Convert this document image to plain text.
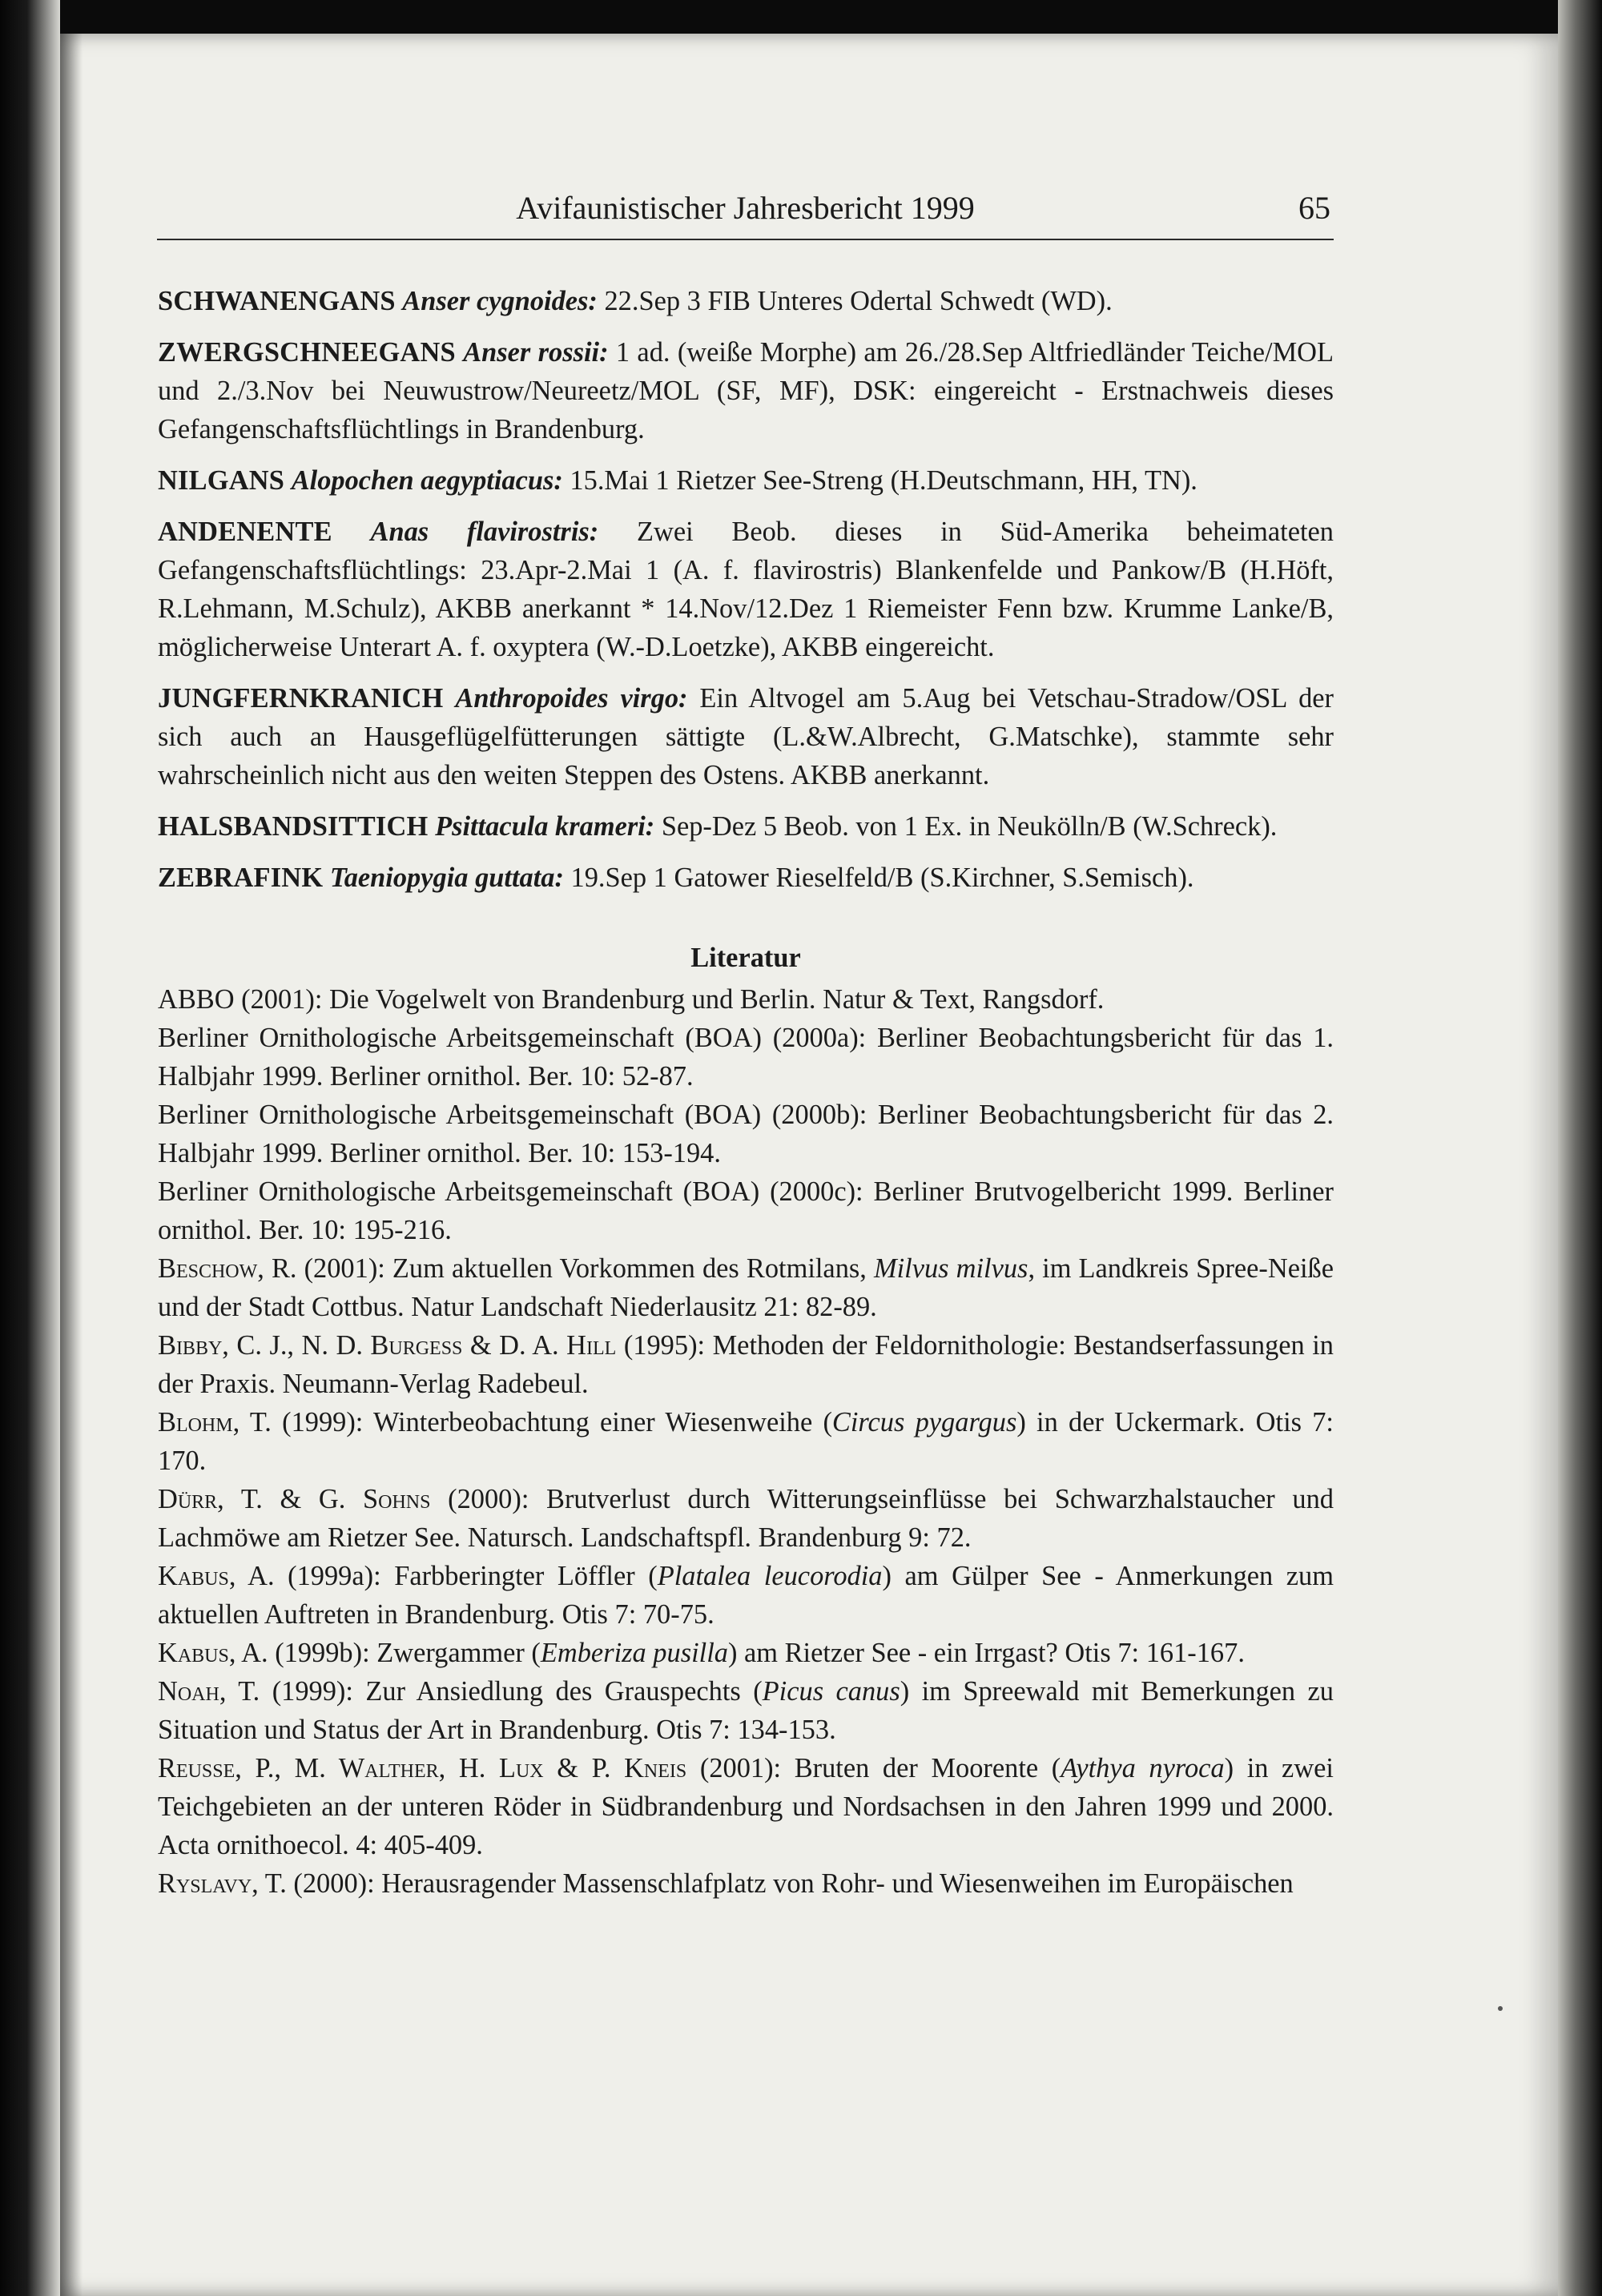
Avifaunistischer Jahresbericht 1999	65

SCHWANENGANS Anser cygnoides: 22.Sep 3 FIB Unteres Odertal Schwedt (WD).

ZWERGSCHNEEGANS Anser rossii: 1 ad. (weiße Morphe) am 26./28.Sep Altfriedländer Teiche/MOL und 2./3.Nov bei Neuwustrow/Neureetz/MOL (SF, MF), DSK: eingereicht - Erstnachweis dieses Gefangenschaftsflüchtlings in Brandenburg.

NILGANS Alopochen aegyptiacus: 15.Mai 1 Rietzer See-Streng (H.Deutschmann, HH, TN).

ANDENENTE Anas flavirostris: Zwei Beob. dieses in Süd-Amerika beheimateten Gefangenschaftsflüchtlings: 23.Apr-2.Mai 1 (A. f. flavirostris) Blankenfelde und Pankow/B (H.Höft, R.Lehmann, M.Schulz), AKBB anerkannt * 14.Nov/12.Dez 1 Riemeister Fenn bzw. Krumme Lanke/B, möglicherweise Unterart A. f. oxyptera (W.-D.Loetzke), AKBB eingereicht.

JUNGFERNKRANICH Anthropoides virgo: Ein Altvogel am 5.Aug bei Vetschau-Stradow/OSL der sich auch an Hausgeflügelfütterungen sättigte (L.&W.Albrecht, G.Matschke), stammte sehr wahrscheinlich nicht aus den weiten Steppen des Ostens. AKBB anerkannt.

HALSBANDSITTICH Psittacula krameri: Sep-Dez 5 Beob. von 1 Ex. in Neukölln/B (W.Schreck).

ZEBRAFINK Taeniopygia guttata: 19.Sep 1 Gatower Rieselfeld/B (S.Kirchner, S.Semisch).

Literatur

ABBO (2001): Die Vogelwelt von Brandenburg und Berlin. Natur & Text, Rangsdorf.

Berliner Ornithologische Arbeitsgemeinschaft (BOA) (2000a): Berliner Beobachtungsbericht für das 1. Halbjahr 1999. Berliner ornithol. Ber. 10: 52-87.

Berliner Ornithologische Arbeitsgemeinschaft (BOA) (2000b): Berliner Beobachtungsbericht für das 2. Halbjahr 1999. Berliner ornithol. Ber. 10: 153-194.

Berliner Ornithologische Arbeitsgemeinschaft (BOA) (2000c): Berliner Brutvogelbericht 1999. Berliner ornithol. Ber. 10: 195-216.

Beschow, R. (2001): Zum aktuellen Vorkommen des Rotmilans, Milvus milvus, im Landkreis Spree-Neiße und der Stadt Cottbus. Natur Landschaft Niederlausitz 21: 82-89.

Bibby, C. J., N. D. Burgess & D. A. Hill (1995): Methoden der Feldornithologie: Bestandserfassungen in der Praxis. Neumann-Verlag Radebeul.

Blohm, T. (1999): Winterbeobachtung einer Wiesenweihe (Circus pygargus) in der Uckermark. Otis 7: 170.

Dürr, T. & G. Sohns (2000): Brutverlust durch Witterungseinflüsse bei Schwarzhalstaucher und Lachmöwe am Rietzer See. Natursch. Landschaftspfl. Brandenburg 9: 72.

Kabus, A. (1999a): Farbberingter Löffler (Platalea leucorodia) am Gülper See - Anmerkungen zum aktuellen Auftreten in Brandenburg. Otis 7: 70-75.

Kabus, A. (1999b): Zwergammer (Emberiza pusilla) am Rietzer See - ein Irrgast? Otis 7: 161-167.

Noah, T. (1999): Zur Ansiedlung des Grauspechts (Picus canus) im Spreewald mit Bemerkungen zu Situation und Status der Art in Brandenburg. Otis 7: 134-153.

Reusse, P., M. Walther, H. Lux & P. Kneis (2001): Bruten der Moorente (Aythya nyroca) in zwei Teichgebieten an der unteren Röder in Südbrandenburg und Nordsachsen in den Jahren 1999 und 2000. Acta ornithoecol. 4: 405-409.

Ryslavy, T. (2000): Herausragender Massenschlafplatz von Rohr- und Wiesenweihen im Europäischen
